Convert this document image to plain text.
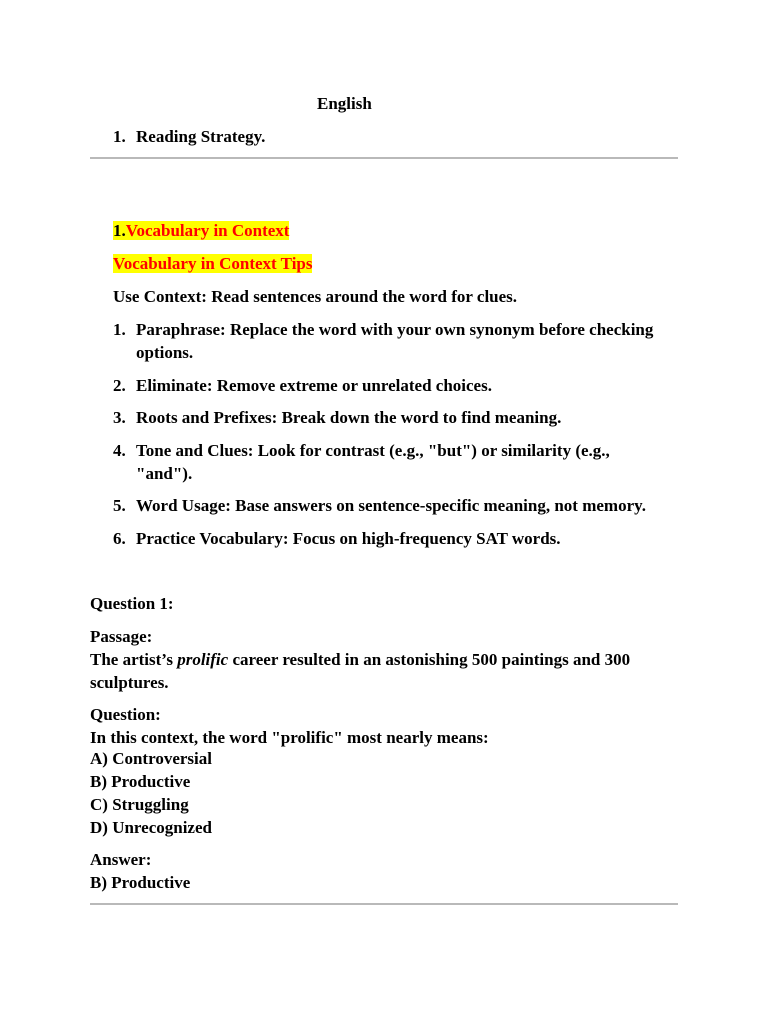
English
1. Reading Strategy.
1.Vocabulary in Context
Vocabulary in Context Tips
Use Context: Read sentences around the word for clues.
1. Paraphrase: Replace the word with your own synonym before checking
options.
2. Eliminate: Remove extreme or unrelated choices.
3. Roots and Prefixes: Break down the word to find meaning.
4. Tone and Clues: Look for contrast (e.g., "but") or similarity (e.g.,
"and").
5. Word Usage: Base answers on sentence-specific meaning, not memory.
6. Practice Vocabulary: Focus on high-frequency SAT words.
Question 1:
Passage:
The artist’s prolific career resulted in an astonishing 500 paintings and 300
sculptures.
Question:
In this context, the word "prolific" most nearly means:
A) Controversial
B) Productive
C) Struggling
D) Unrecognized
Answer:
B) Productive
